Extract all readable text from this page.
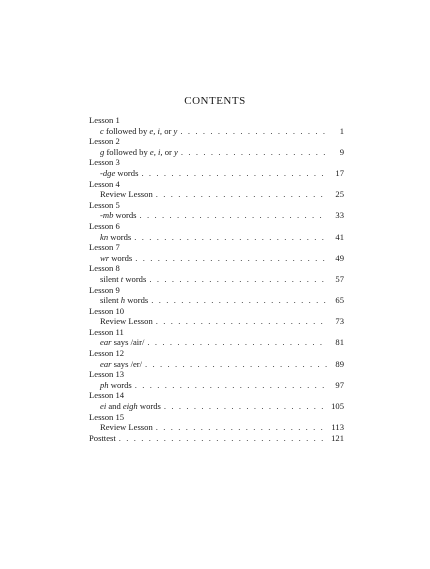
CONTENTS
Lesson 1
c followed by e, i, or y . . .	1
Lesson 2
g followed by e, i, or y . . .	9
Lesson 3
-dge words . . .	17
Lesson 4
Review Lesson . . .	25
Lesson 5
-mb words . . .	33
Lesson 6
kn words . . .	41
Lesson 7
wr words . . .	49
Lesson 8
silent t words . . .	57
Lesson 9
silent h words . . .	65
Lesson 10
Review Lesson . . .	73
Lesson 11
ear says /air/ . . .	81
Lesson 12
ear says /er/ . . .	89
Lesson 13
ph words . . .	97
Lesson 14
ei and eigh words . . .	105
Lesson 15
Review Lesson . . .	113
Posttest . . .	121
